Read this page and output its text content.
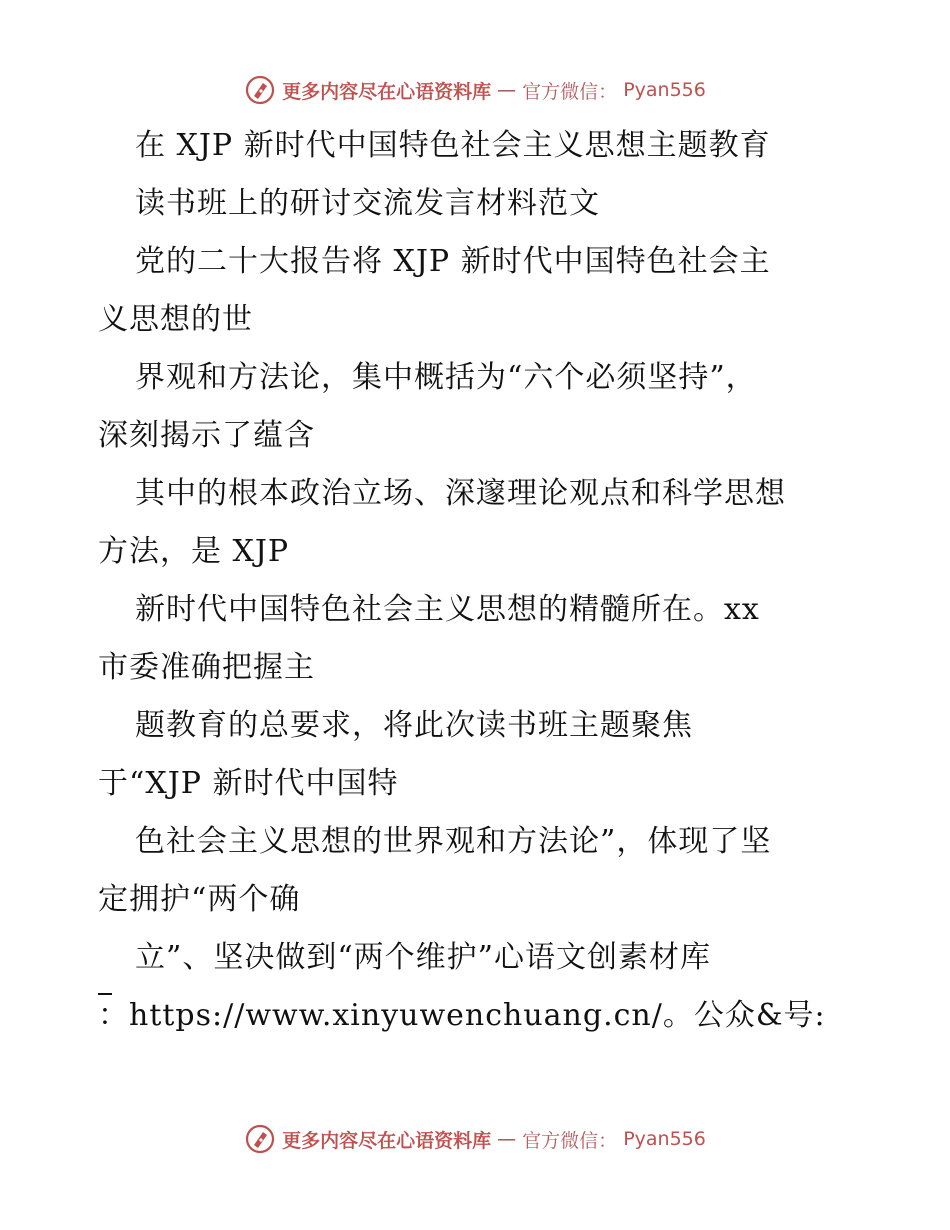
更多内容尽在心语资料库 — 官方微信： Pyan556
在 XJP 新时代中国特色社会主义思想主题教育
读书班上的研讨交流发言材料范文
党的二十大报告将 XJP 新时代中国特色社会主
义思想的世
界观和方法论，集中概括为“六个必须坚持”，
深刻揭示了蕴含
其中的根本政治立场、深邃理论观点和科学思想
方法，是 XJP
新时代中国特色社会主义思想的精髓所在。xx
市委准确把握主
题教育的总要求，将此次读书班主题聚焦
于“XJP 新时代中国特
色社会主义思想的世界观和方法论”，体现了坚
定拥护“两个确
立”、坚决做到“两个维护”心语文创素材库
：https://www.xinyuwenchuang.cn/。公众&号:
更多内容尽在心语资料库 — 官方微信： Pyan556
